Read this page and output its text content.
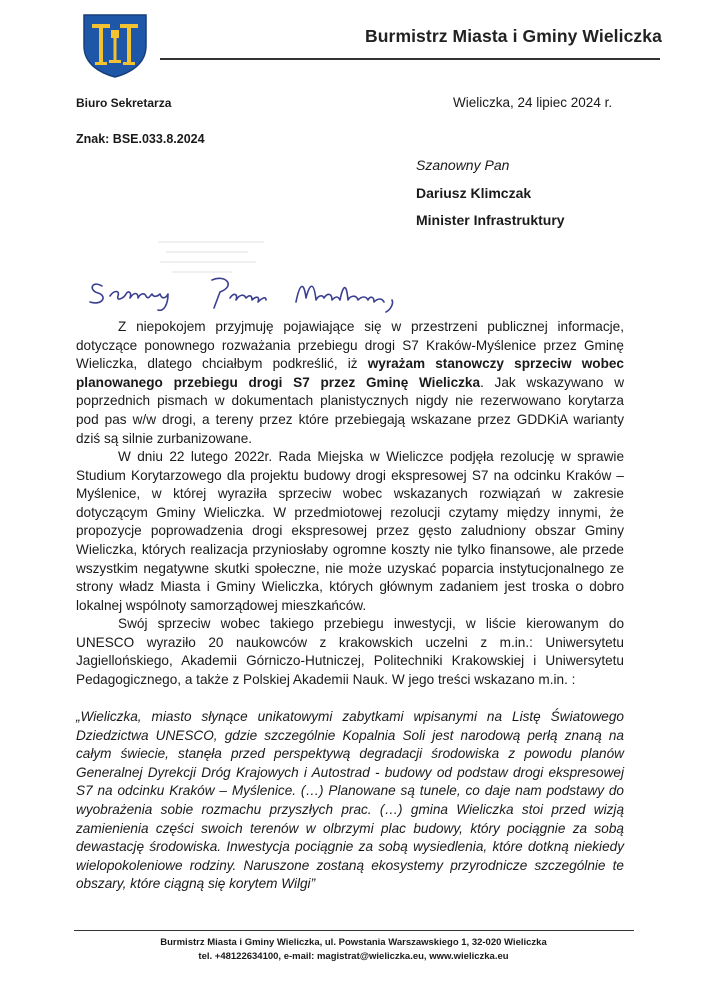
Burmistrz Miasta i Gminy Wieliczka
Biuro Sekretarza	Wieliczka, 24 lipiec 2024 r.
Znak: BSE.033.8.2024
Szanowny Pan
Dariusz Klimczak
Minister Infrastruktury

Z niepokojem przyjmuję pojawiające się w przestrzeni publicznej informacje, dotyczące ponownego rozważania przebiegu drogi S7 Kraków-Myślenice przez Gminę Wieliczka, dlatego chciałbym podkreślić, iż wyrażam stanowczy sprzeciw wobec planowanego przebiegu drogi S7 przez Gminę Wieliczka. Jak wskazywano w poprzednich pismach w dokumentach planistycznych nigdy nie rezerwowano korytarza pod pas w/w drogi, a tereny przez które przebiegają wskazane przez GDDKiA warianty dziś są silnie zurbanizowane.

W dniu 22 lutego 2022r. Rada Miejska w Wieliczce podjęła rezolucję w sprawie Studium Korytarzowego dla projektu budowy drogi ekspresowej S7 na odcinku Kraków – Myślenice, w której wyraziła sprzeciw wobec wskazanych rozwiązań w zakresie dotyczącym Gminy Wieliczka. W przedmiotowej rezolucji czytamy między innymi, że propozycje poprowadzenia drogi ekspresowej przez gęsto zaludniony obszar Gminy Wieliczka, których realizacja przyniosłaby ogromne koszty nie tylko finansowe, ale przede wszystkim negatywne skutki społeczne, nie może uzyskać poparcia instytucjonalnego ze strony władz Miasta i Gminy Wieliczka, których głównym zadaniem jest troska o dobro lokalnej wspólnoty samorządowej mieszkańców.

Swój sprzeciw wobec takiego przebiegu inwestycji, w liście kierowanym do UNESCO wyraziło 20 naukowców z krakowskich uczelni z m.in.: Uniwersytetu Jagiellońskiego, Akademii Górniczo-Hutniczej, Politechniki Krakowskiej i Uniwersytetu Pedagogicznego, a także z Polskiej Akademii Nauk. W jego treści wskazano m.in. :

„Wieliczka, miasto słynące unikatowymi zabytkami wpisanymi na Listę Światowego Dziedzictwa UNESCO, gdzie szczególnie Kopalnia Soli jest narodową perłą znaną na całym świecie, stanęła przed perspektywą degradacji środowiska z powodu planów Generalnej Dyrekcji Dróg Krajowych i Autostrad - budowy od podstaw drogi ekspresowej S7 na odcinku Kraków – Myślenice. (…) Planowane są tunele, co daje nam podstawy do wyobrażenia sobie rozmachu przyszłych prac. (…) gmina Wieliczka stoi przed wizją zamienienia części swoich terenów w olbrzymi plac budowy, który pociągnie za sobą dewastację środowiska. Inwestycja pociągnie za sobą wysiedlenia, które dotkną niekiedy wielopokoleniowe rodziny. Naruszone zostaną ekosystemy przyrodnicze szczególnie te obszary, które ciągną się korytem Wilgi”

Burmistrz Miasta i Gminy Wieliczka, ul. Powstania Warszawskiego 1, 32-020 Wieliczka
tel. +48122634100, e-mail: magistrat@wieliczka.eu, www.wieliczka.eu
